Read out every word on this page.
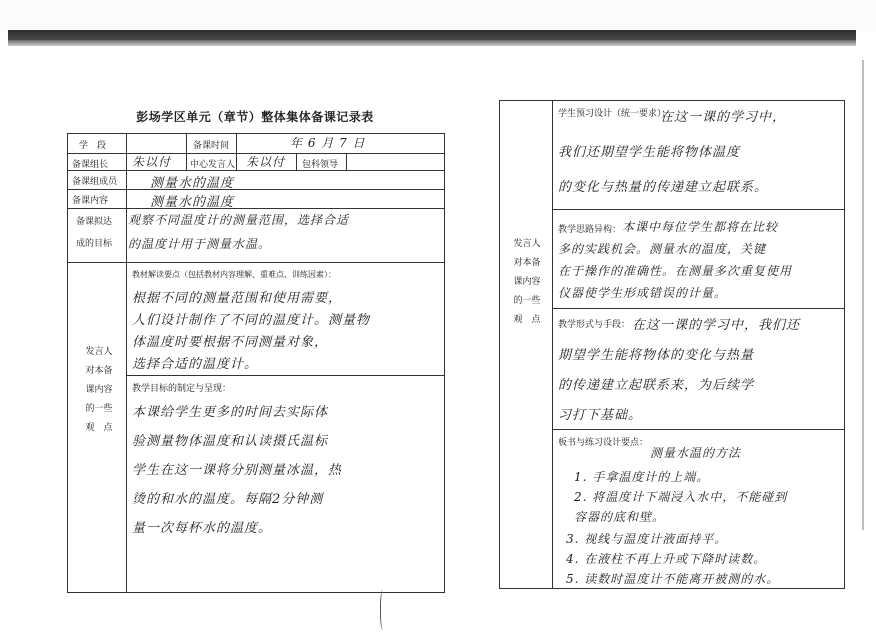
彭场学区单元（章节）整体集体备课记录表
学　段	备课时间	年 6 月 7 日
备课组长 朱以付 中心发言人 朱以付 包科领导
备课组成员
备课内容
测量水的温度
测量水的温度
备课拟达
成的目标
观察不同温度计的测量范围，选择合适
的温度计用于测量水温。
发言人
对本备
课内容
的一些
观　点
教材解读要点（包括教材内容理解、重难点、训练因素）：
根据不同的测量范围和使用需要，
人们设计制作了不同的温度计。测量物
体温度时要根据不同测量对象，
选择合适的温度计。
教学目标的制定与呈现：
本课给学生更多的时间去实际体
验测量物体温度和认读摄氏温标
学生在这一课将分别测量冰温，热
烫的和水的温度。每隔2分钟测
量一次每杯水的温度。
发言人
对本备
课内容
的一些
观　点
学生预习设计（统一要求）：
在这一课的学习中，
我们还期望学生能将物体温度
的变化与热量的传递建立起联系。
教学思路异构： 本课中每位学生都将在比较
多的实践机会。测量水的温度，关键
在于操作的准确性。在测量多次重复使用
仪器使学生形成错误的计量。
教学形式与手段： 在这一课的学习中，我们还
期望学生能将物体的变化与热量
的传递建立起联系来，为后续学
习打下基础。
板书与练习设计要点：
测量水温的方法
1. 手拿温度计的上端。
2. 将温度计下端浸入水中，不能碰到
容器的底和壁。
3. 视线与温度计液面持平。
4. 在液柱不再上升或下降时读数。
5. 读数时温度计不能离开被测的水。
